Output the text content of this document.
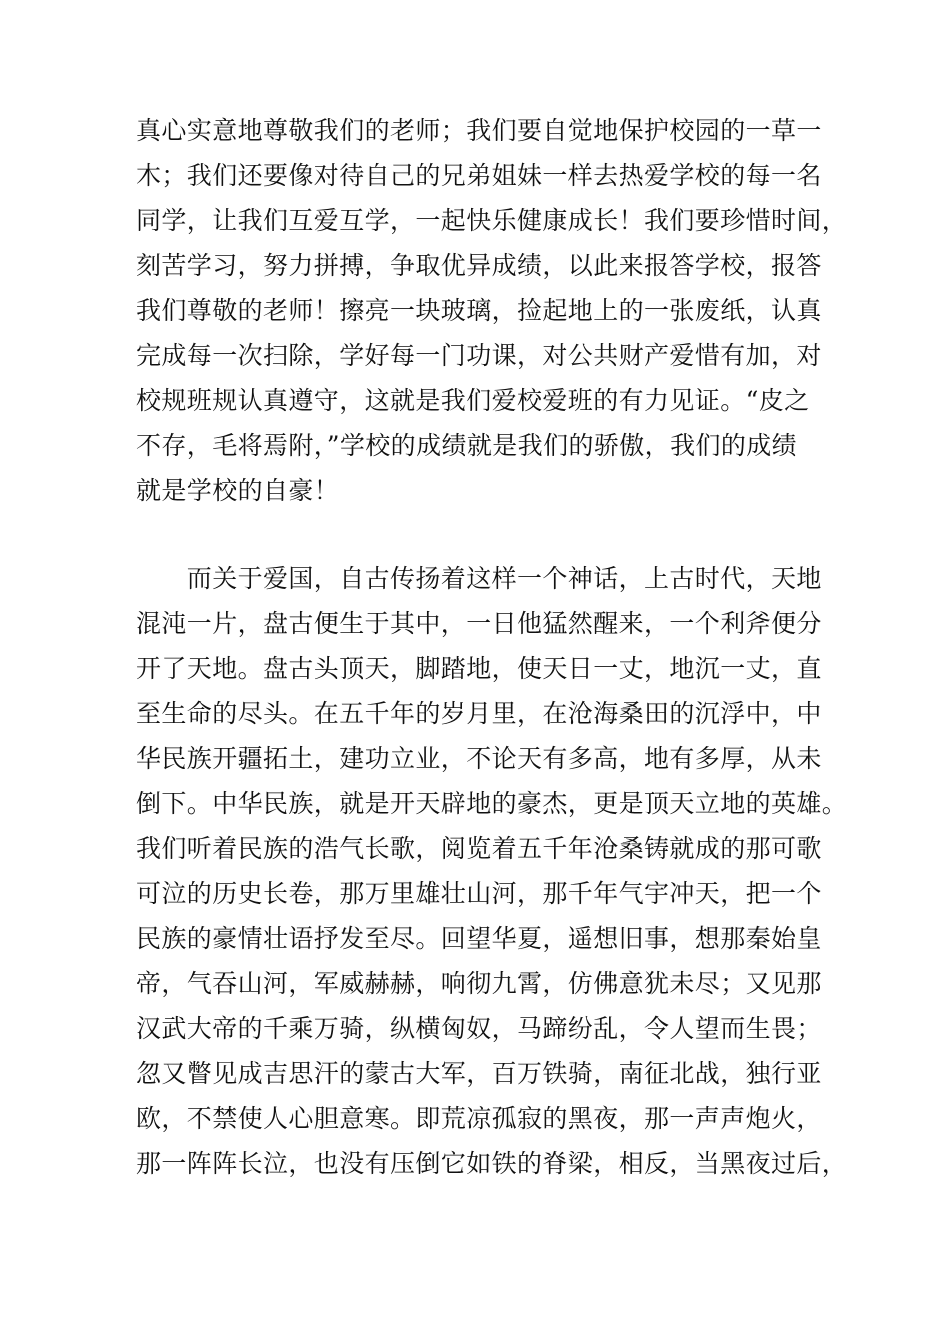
真心实意地尊敬我们的老师；我们要自觉地保护校园的一草一
木；我们还要像对待自己的兄弟姐妹一样去热爱学校的每一名
同学，让我们互爱互学，一起快乐健康成长！我们要珍惜时间，
刻苦学习，努力拼搏，争取优异成绩，以此来报答学校，报答
我们尊敬的老师！擦亮一块玻璃，捡起地上的一张废纸，认真
完成每一次扫除，学好每一门功课，对公共财产爱惜有加，对
校规班规认真遵守，这就是我们爱校爱班的有力见证。“皮之
不存，毛将焉附，”学校的成绩就是我们的骄傲，我们的成绩
就是学校的自豪！
　　而关于爱国，自古传扬着这样一个神话，上古时代，天地
混沌一片，盘古便生于其中，一日他猛然醒来，一个利斧便分
开了天地。盘古头顶天，脚踏地，使天日一丈，地沉一丈，直
至生命的尽头。在五千年的岁月里，在沧海桑田的沉浮中，中
华民族开疆拓土，建功立业，不论天有多高，地有多厚，从未
倒下。中华民族，就是开天辟地的豪杰，更是顶天立地的英雄。
我们听着民族的浩气长歌，阅览着五千年沧桑铸就成的那可歌
可泣的历史长卷，那万里雄壮山河，那千年气宇冲天，把一个
民族的豪情壮语抒发至尽。回望华夏，遥想旧事，想那秦始皇
帝，气吞山河，军威赫赫，响彻九霄，仿佛意犹未尽；又见那
汉武大帝的千乘万骑，纵横匈奴，马蹄纷乱，令人望而生畏；
忽又瞥见成吉思汗的蒙古大军，百万铁骑，南征北战，独行亚
欧，不禁使人心胆意寒。即荒凉孤寂的黑夜，那一声声炮火，
那一阵阵长泣，也没有压倒它如铁的脊梁，相反，当黑夜过后，
